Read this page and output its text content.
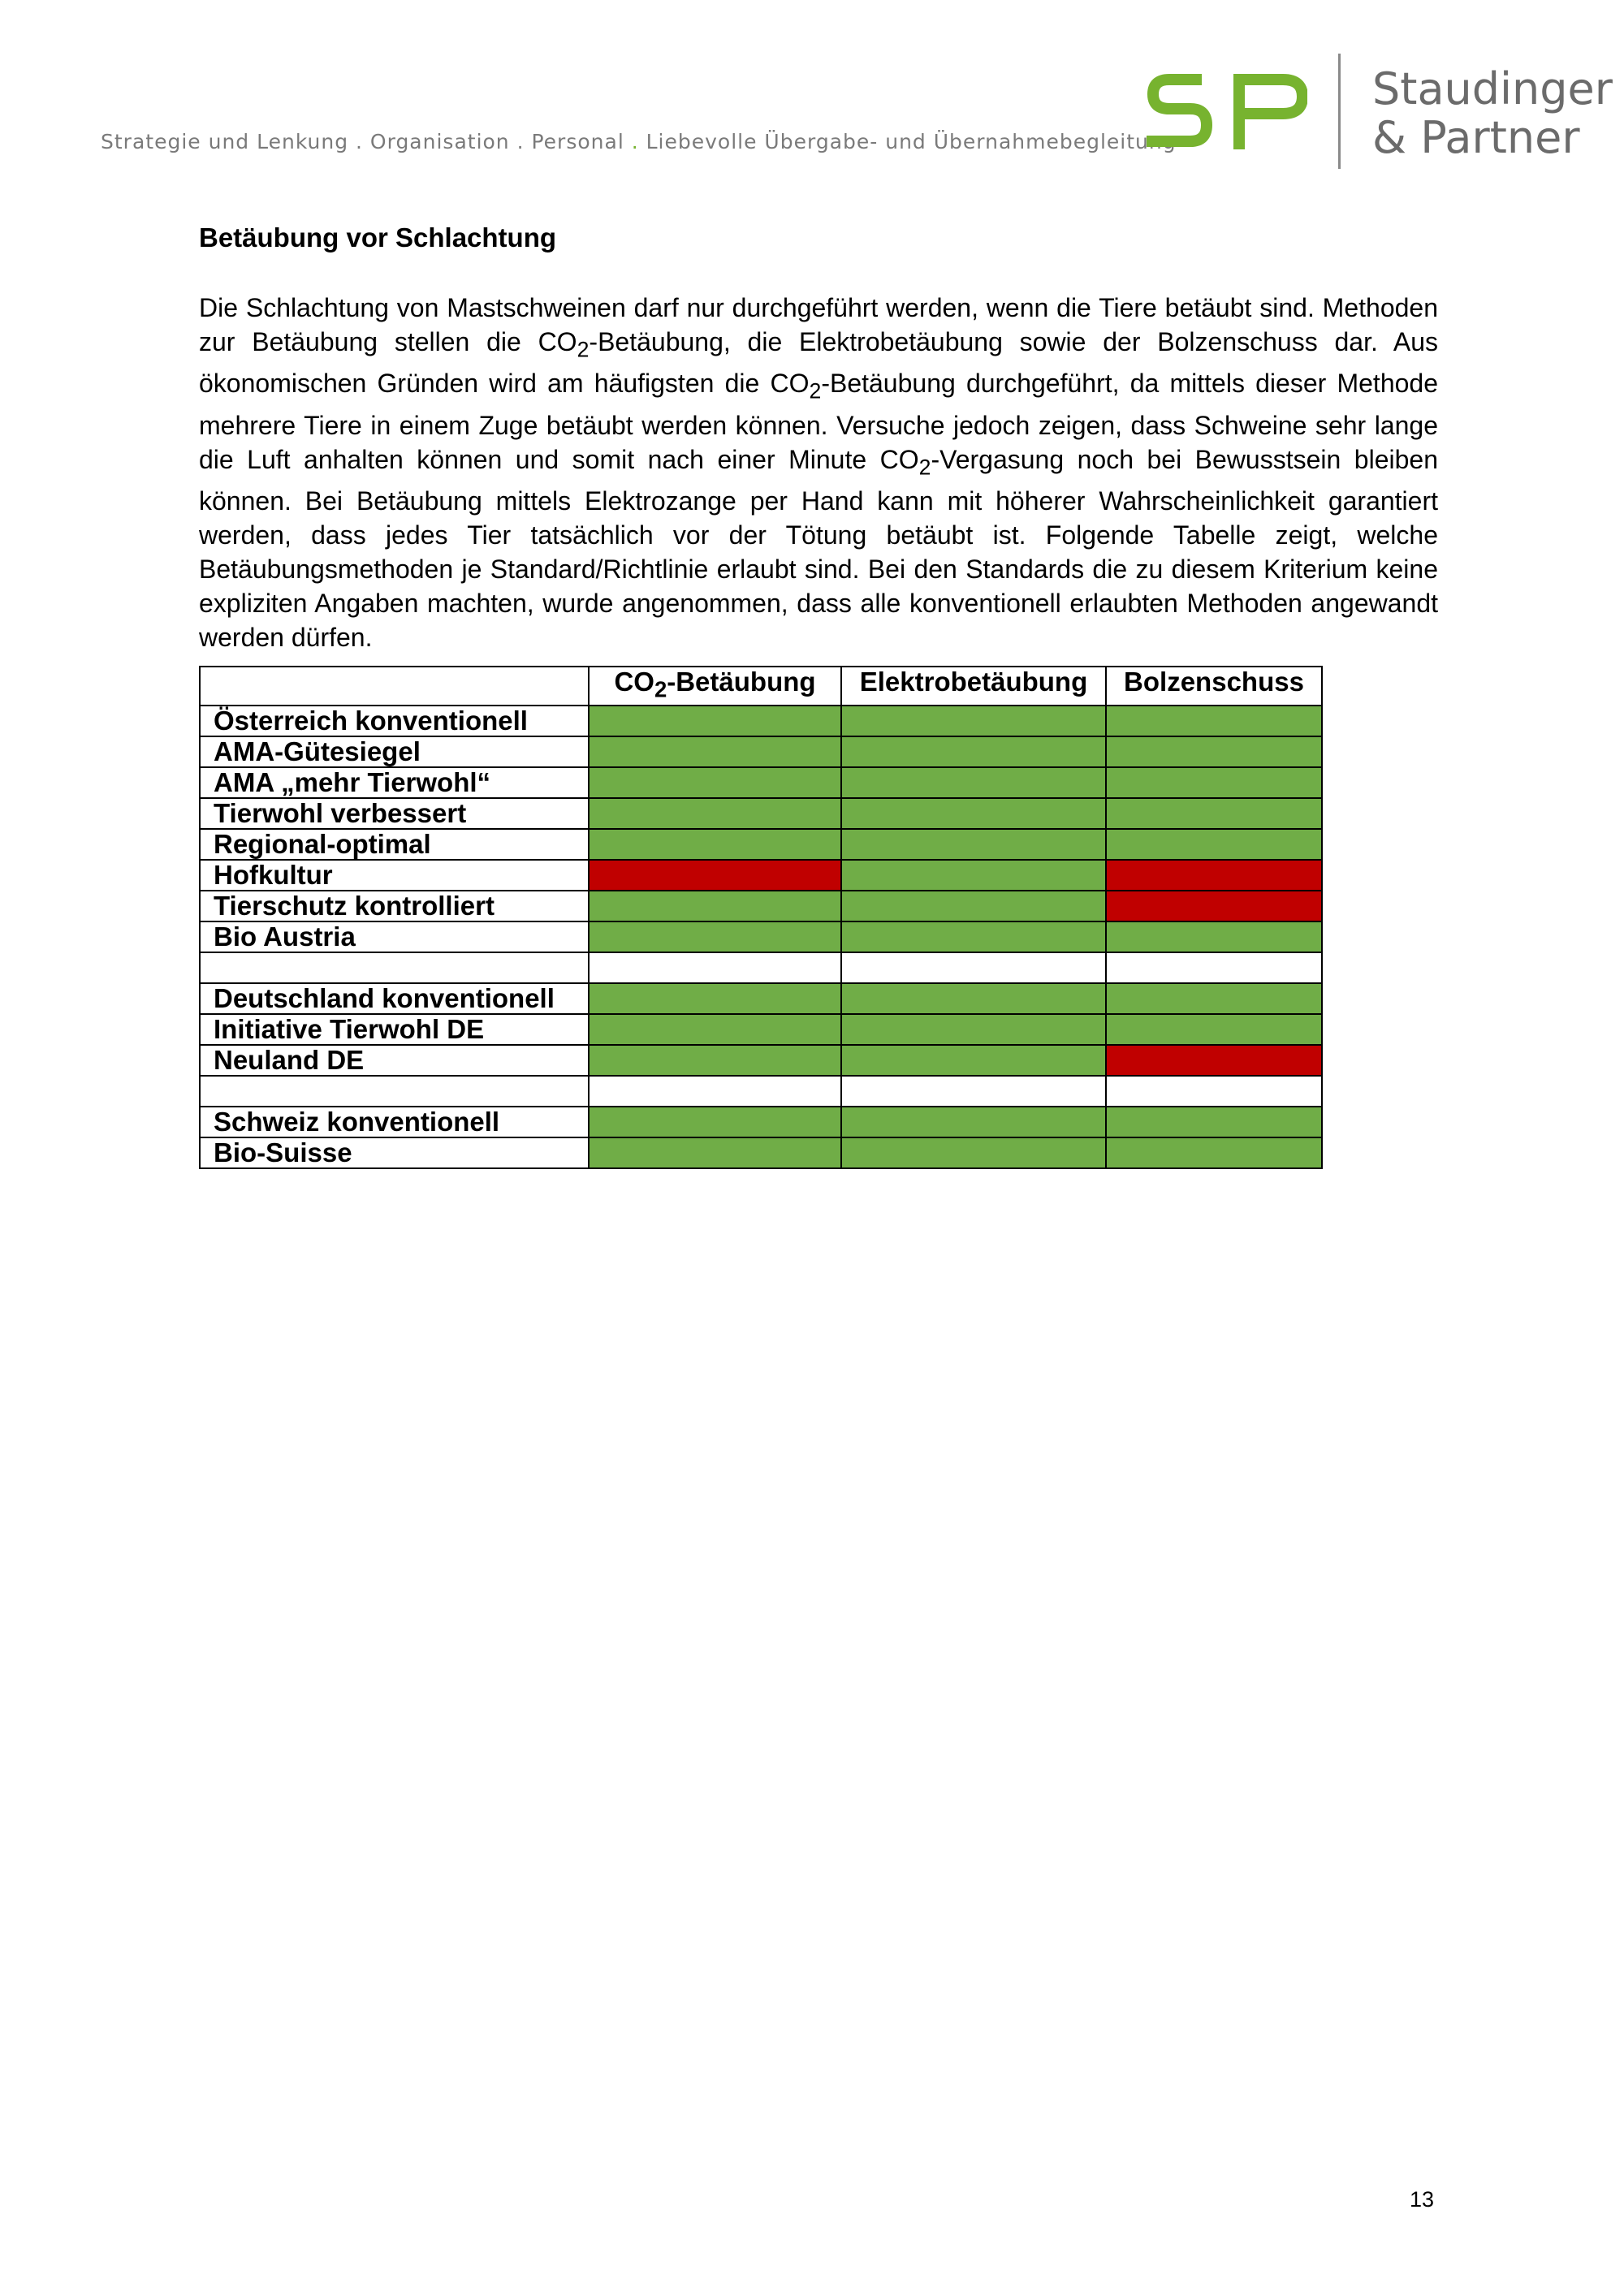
Strategie und Lenkung . Organisation . Personal . Liebevolle Übergabe- und Übernahmebegleitung
Staudinger
& Partner
Betäubung vor Schlachtung

Die Schlachtung von Mastschweinen darf nur durchgeführt werden, wenn die Tiere betäubt sind. Methoden zur Betäubung stellen die $CO_2$-Betäubung, die Elektrobetäubung sowie der Bolzenschuss dar. Aus ökonomischen Gründen wird am häufigsten die $CO_2$-Betäubung durchgeführt, da mittels dieser Methode mehrere Tiere in einem Zuge betäubt werden können. Versuche jedoch zeigen, dass Schweine sehr lange die Luft anhalten können und somit nach einer Minute $CO_2$-Vergasung noch bei Bewusstsein bleiben können. Bei Betäubung mittels Elektrozange per Hand kann mit höherer Wahrscheinlichkeit garantiert werden, dass jedes Tier tatsächlich vor der Tötung betäubt ist. Folgende Tabelle zeigt, welche Betäubungsmethoden je Standard/Richtlinie erlaubt sind. Bei den Standards die zu diesem Kriterium keine expliziten Angaben machten, wurde angenommen, dass alle konventionell erlaubten Methoden angewandt werden dürfen.

	$CO_2$-Betäubung	Elektrobetäubung	Bolzenschuss
Österreich konventionell			
AMA-Gütesiegel			
AMA „mehr Tierwohl“			
Tierwohl verbessert			
Regional-optimal			
Hofkultur			
Tierschutz kontrolliert			
Bio Austria			

Deutschland konventionell			
Initiative Tierwohl DE			
Neuland DE			

Schweiz konventionell			
Bio-Suisse			
13
